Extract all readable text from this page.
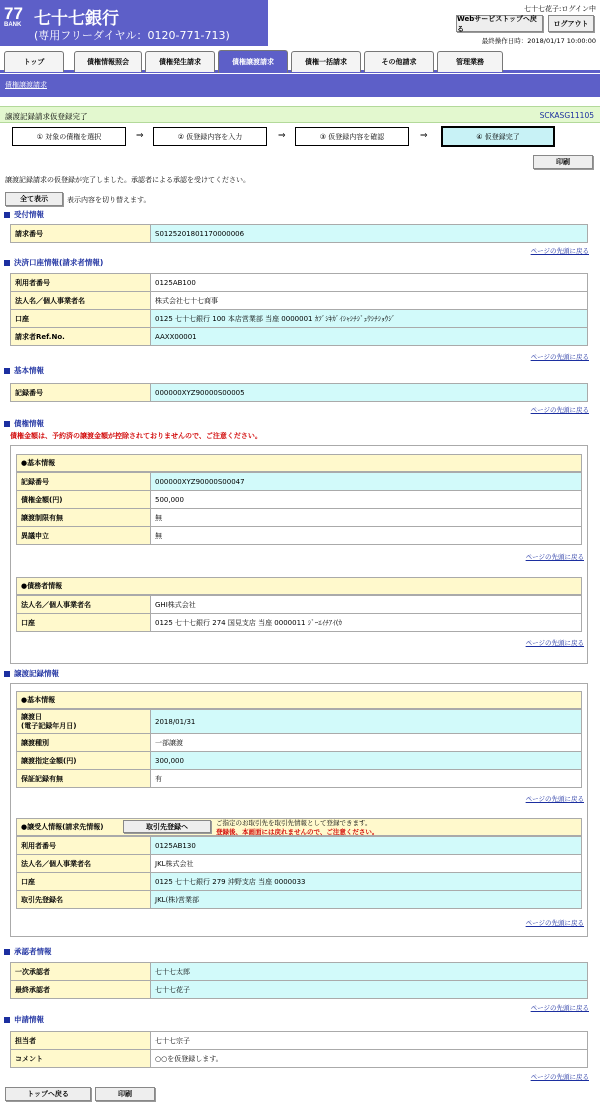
77
BANK 七十七銀行
(専用フリーダイヤル：0120-771-713)
七十七花子:ログイン中
Webサービストップへ戻る
ログアウト
最終操作日時：2018/01/17 10:00:00
トップ	債権情報照会	債権発生請求	債権譲渡請求	債権一括請求	その他請求	管理業務
債権譲渡請求
譲渡記録請求仮登録完了	SCKASG11105
① 対象の債権を選択	⇒	② 仮登録内容を入力	⇒	③ 仮登録内容を確認	⇒	④ 仮登録完了
印刷
譲渡記録請求の仮登録が完了しました。承認者による承認を受けてください。
全て表示	表示内容を切り替えます。
受付情報
請求番号	S0125201801170000006
ページの先頭に戻る
決済口座情報(請求者情報)
利用者番号	0125AB100
法人名／個人事業者名	株式会社七十七商事
口座	0125 七十七銀行 100 本店営業部 当座 0000001 ｶﾌﾞｼｷｶﾞｲｼｬｼﾁｼﾞｭｳｼﾁｼｮｳｼﾞ
請求者Ref.No.	AAXX00001
ページの先頭に戻る
基本情報
記録番号	000000XYZ90000S00005
ページの先頭に戻る
債権情報
債権金額は、予約済の譲渡金額が控除されておりませんので、ご注意ください。
●基本情報
記録番号	000000XYZ90000S00047
債権金額(円)	500,000
譲渡制限有無	無
異議申立	無
ページの先頭に戻る
●債務者情報
法人名／個人事業者名	GHI株式会社
口座	0125 七十七銀行 274 国見支店 当座 0000011 ｼﾞｰｴｲﾁｱｲ(ｶ
ページの先頭に戻る
譲渡記録情報
●基本情報
譲渡日
(電子記録年月日)	2018/01/31
譲渡種別	一部譲渡
譲渡指定金額(円)	300,000
保証記録有無	有
ページの先頭に戻る
●譲受人情報(請求先情報)	取引先登録へ	ご指定のお取引先を取引先情報として登録できます。
登録後、本画面には戻れませんので、ご注意ください。
利用者番号	0125AB130
法人名／個人事業者名	JKL株式会社
口座	0125 七十七銀行 279 沖野支店 当座 0000033
取引先登録名	JKL(株)営業部
ページの先頭に戻る
承認者情報
一次承認者	七十七太郎
最終承認者	七十七花子
ページの先頭に戻る
申請情報
担当者	七十七宗子
コメント	○○を仮登録します。
ページの先頭に戻る
トップへ戻る	印刷
